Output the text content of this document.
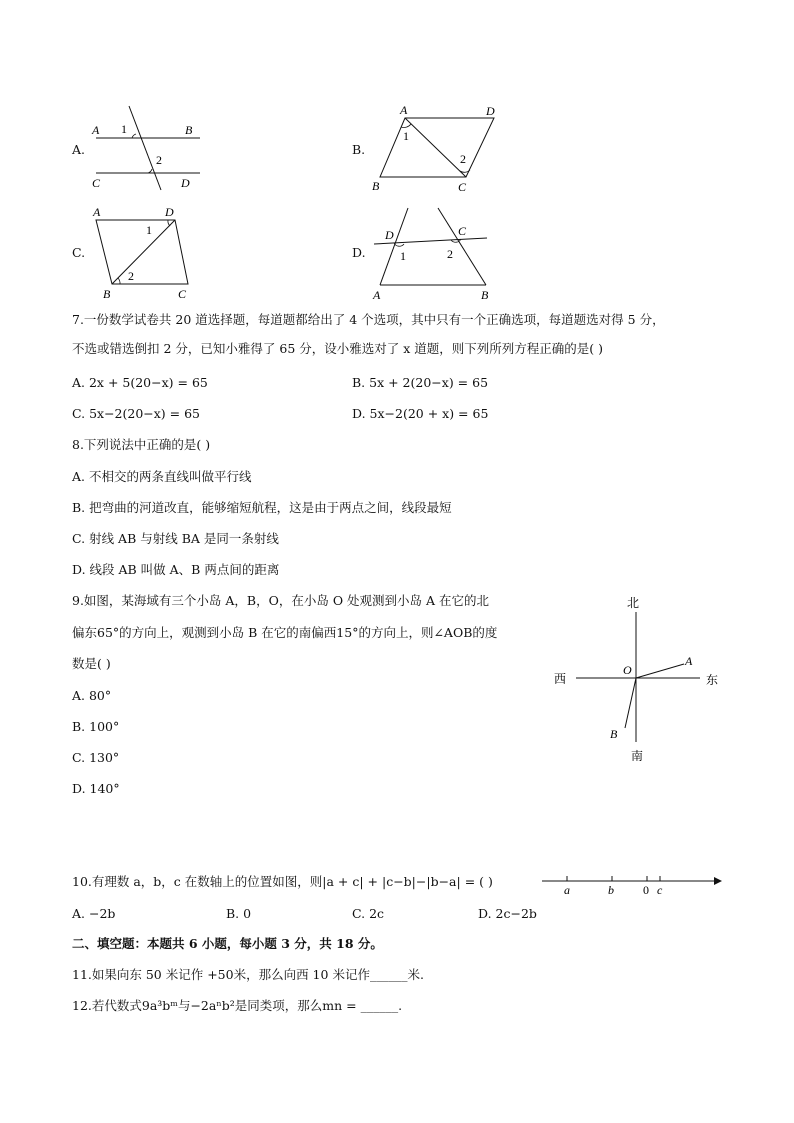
A.
A	B
C	D
1
2
B.
A	D
B	C
1
2
C.
A	D
B	C
1
2
D.
D	C
A	B
1	2
7.一份数学试卷共 20 道选择题，每道题都给出了 4 个选项，其中只有一个正确选项，每道题选对得 5 分，
不选或错选倒扣 2 分，已知小雅得了 65 分，设小雅选对了 x 道题，则下列所列方程正确的是( )
A. 2x + 5(20−x) = 65	B. 5x + 2(20−x) = 65
C. 5x−2(20−x) = 65	D. 5x−2(20 + x) = 65
8.下列说法中正确的是( )
A. 不相交的两条直线叫做平行线
B. 把弯曲的河道改直，能够缩短航程，这是由于两点之间，线段最短
C. 射线 AB 与射线 BA 是同一条射线
D. 线段 AB 叫做 A、B 两点间的距离
9.如图，某海域有三个小岛 A，B，O，在小岛 O 处观测到小岛 A 在它的北
偏东65°的方向上，观测到小岛 B 在它的南偏西15°的方向上，则∠AOB的度
数是( )
A. 80°
B. 100°
C. 130°
D. 140°
北
南
东
西
O
A
B
10.有理数 a，b，c 在数轴上的位置如图，则|a + c| + |c−b|−|b−a| = ( )
A. −2b	B. 0	C. 2c	D. 2c−2b
a	b 0 c
二、填空题：本题共 6 小题，每小题 3 分，共 18 分。
11.如果向东 50 米记作 +50米，那么向西 10 米记作______米.
12.若代数式9a³bᵐ与−2aⁿb²是同类项，那么mn = ______.
